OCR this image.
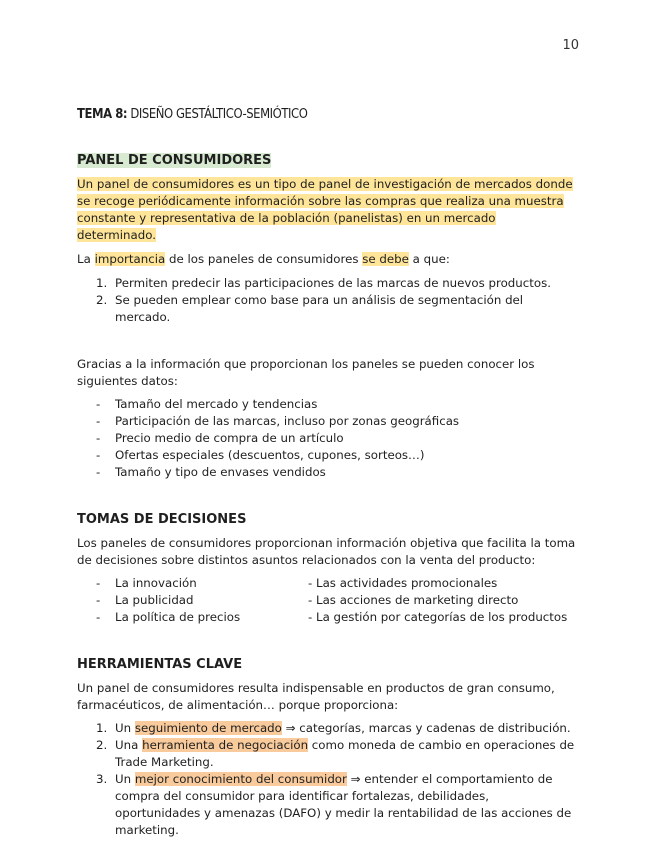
10
TEMA 8: DISEÑO GESTÁLTICO-SEMIÓTICO
PANEL DE CONSUMIDORES

Un panel de consumidores es un tipo de panel de investigación de mercados donde se recoge periódicamente información sobre las compras que realiza una muestra constante y representativa de la población (panelistas) en un mercado determinado.

La importancia de los paneles de consumidores se debe a que:

1. Permiten predecir las participaciones de las marcas de nuevos productos.
2. Se pueden emplear como base para un análisis de segmentación del mercado.

Gracias a la información que proporcionan los paneles se pueden conocer los siguientes datos:

- Tamaño del mercado y tendencias
- Participación de las marcas, incluso por zonas geográficas
- Precio medio de compra de un artículo
- Ofertas especiales (descuentos, cupones, sorteos…)
- Tamaño y tipo de envases vendidos
TOMAS DE DECISIONES

Los paneles de consumidores proporcionan información objetiva que facilita la toma de decisiones sobre distintos asuntos relacionados con la venta del producto:

- La innovación	- Las actividades promocionales
- La publicidad	- Las acciones de marketing directo
- La política de precios	- La gestión por categorías de los productos
HERRAMIENTAS CLAVE

Un panel de consumidores resulta indispensable en productos de gran consumo, farmacéuticos, de alimentación… porque proporciona:

1. Un seguimiento de mercado ⇒ categorías, marcas y cadenas de distribución.
2. Una herramienta de negociación como moneda de cambio en operaciones de Trade Marketing.
3. Un mejor conocimiento del consumidor ⇒ entender el comportamiento de compra del consumidor para identificar fortalezas, debilidades, oportunidades y amenazas (DAFO) y medir la rentabilidad de las acciones de marketing.
